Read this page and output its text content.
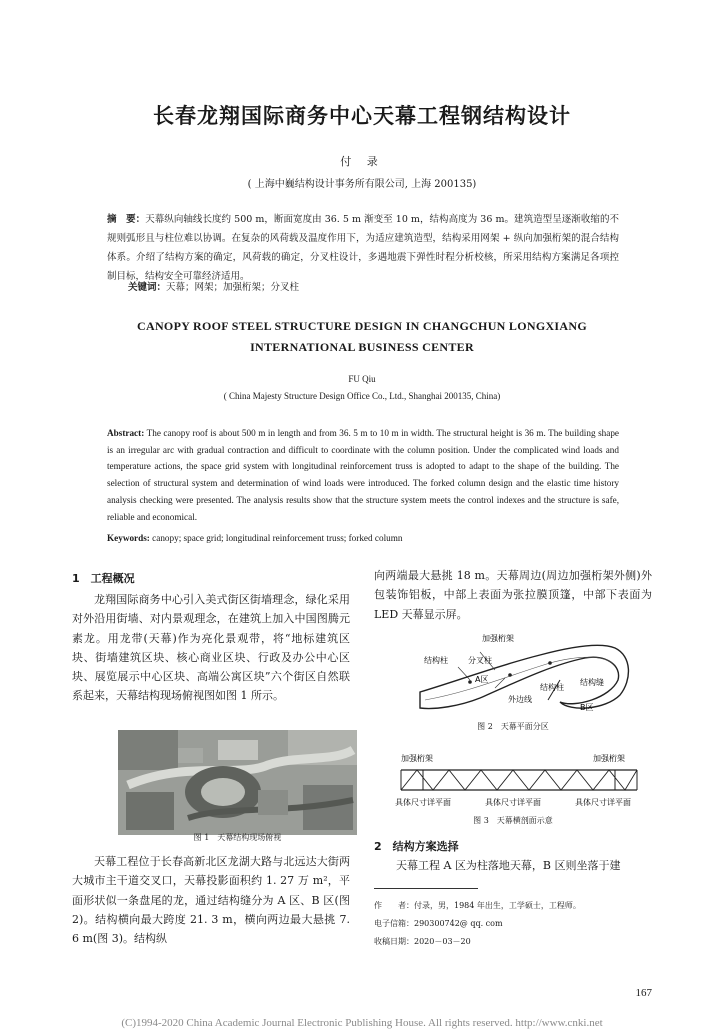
长春龙翔国际商务中心天幕工程钢结构设计
付 录
( 上海中巍结构设计事务所有限公司, 上海 200135)
摘　要：天幕纵向轴线长度约 500 m，断面宽度由 36. 5 m 渐变至 10 m，结构高度为 36 m。建筑造型呈逐渐收缩的不规则弧形且与柱位难以协调。在复杂的风荷载及温度作用下，为适应建筑造型，结构采用网架 + 纵向加强桁架的混合结构体系。介绍了结构方案的确定，风荷载的确定，分叉柱设计，多遇地震下弹性时程分析校核，所采用结构方案满足各项控制目标，结构安全可靠经济适用。
关键词：天幕；网架；加强桁架；分叉柱
CANOPY ROOF STEEL STRUCTURE DESIGN IN CHANGCHUN LONGXIANG
INTERNATIONAL BUSINESS CENTER
FU Qiu
( China Majesty Structure Design Office Co., Ltd., Shanghai 200135, China)
Abstract: The canopy roof is about 500 m in length and from 36. 5 m to 10 m in width. The structural height is 36 m. The building shape is an irregular arc with gradual contraction and difficult to coordinate with the column position. Under the complicated wind loads and temperature actions, the space grid system with longitudinal reinforcement truss is adopted to adapt to the shape of the building. The selection of structural system and determination of wind loads were introduced. The forked column design and the elastic time history analysis checking were presented. The analysis results show that the structure system meets the control indexes and the structure is safe, reliable and economical.
Keywords: canopy; space grid; longitudinal reinforcement truss; forked column
1　工程概况
龙翔国际商务中心引入美式街区街墙理念，绿化采用对外沿用街墙、对内景观理念，在建筑上加入中国图腾元素龙。用龙带(天幕)作为亮化景观带，将“地标建筑区块、街墙建筑区块、核心商业区块、行政及办公中心区块、展览展示中心区块、高端公寓区块”六个街区自然联系起来，天幕结构现场俯视图如图 1 所示。
图 1　天幕结构现场俯视
天幕工程位于长春高新北区龙湖大路与北远达大街两大城市主干道交叉口，天幕投影面积约 1. 27 万 m²，平面形状似一条盘尾的龙，通过结构缝分为 A 区、B 区(图 2)。结构横向最大跨度 21. 3 m，横向两边最大悬挑 7. 6 m(图 3)。结构纵
向两端最大悬挑 18 m。天幕周边(周边加强桁架外侧)外包装饰铝板，中部上表面为张拉膜顶篷，中部下表面为 LED 天幕显示屏。
加强桁架
结构柱	分叉柱
A区
B区
外边线
结构缝
结构柱
图 2　天幕平面分区
加强桁架	加强桁架
具体尺寸详平面	具体尺寸详平面	具体尺寸详平面
图 3　天幕横剖面示意
2　结构方案选择
天幕工程 A 区为柱落地天幕，B 区则坐落于建
作　　者：付录，男，1984 年出生，工学硕士，工程师。
电子信箱：290300742@ qq. com
收稿日期：2020－03－20
167
(C)1994-2020 China Academic Journal Electronic Publishing House. All rights reserved. http://www.cnki.net
